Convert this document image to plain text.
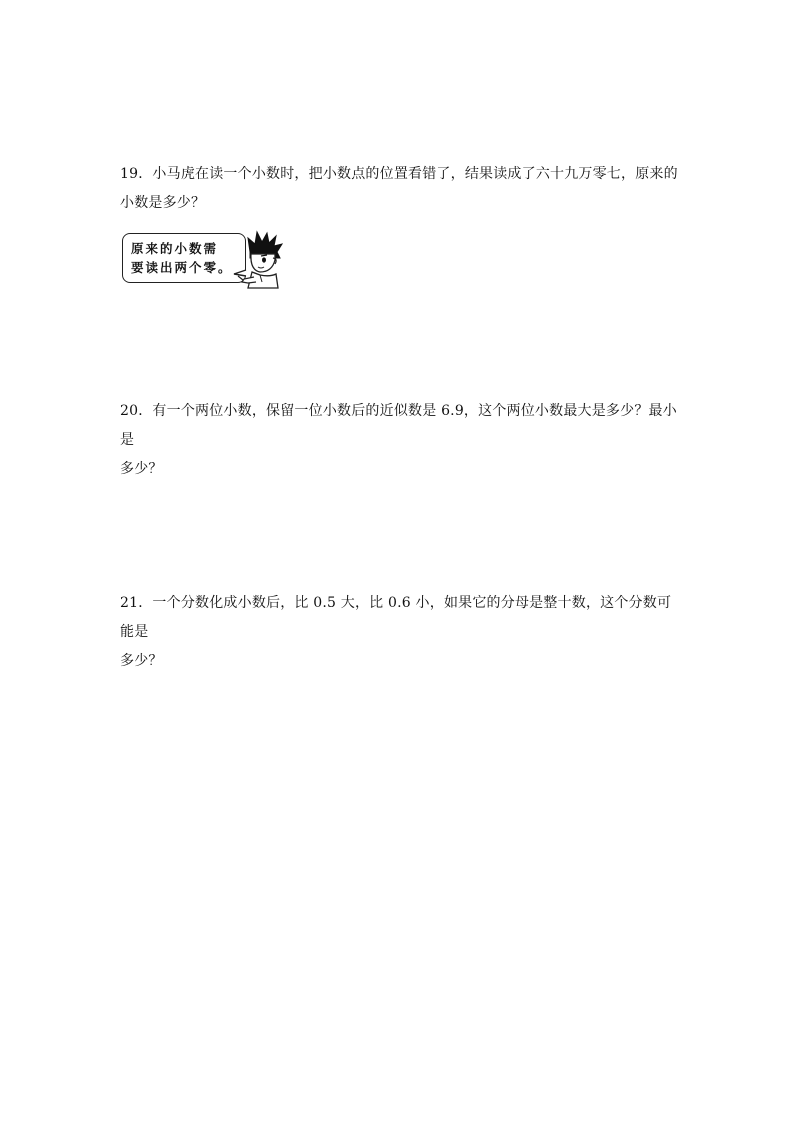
19．小马虎在读一个小数时，把小数点的位置看错了，结果读成了六十九万零七，原来的

小数是多少？

原来的小数需
要读出两个零。

20．有一个两位小数，保留一位小数后的近似数是 6.9，这个两位小数最大是多少？最小是

多少？

21．一个分数化成小数后，比 0.5 大，比 0.6 小，如果它的分母是整十数，这个分数可能是

多少？
